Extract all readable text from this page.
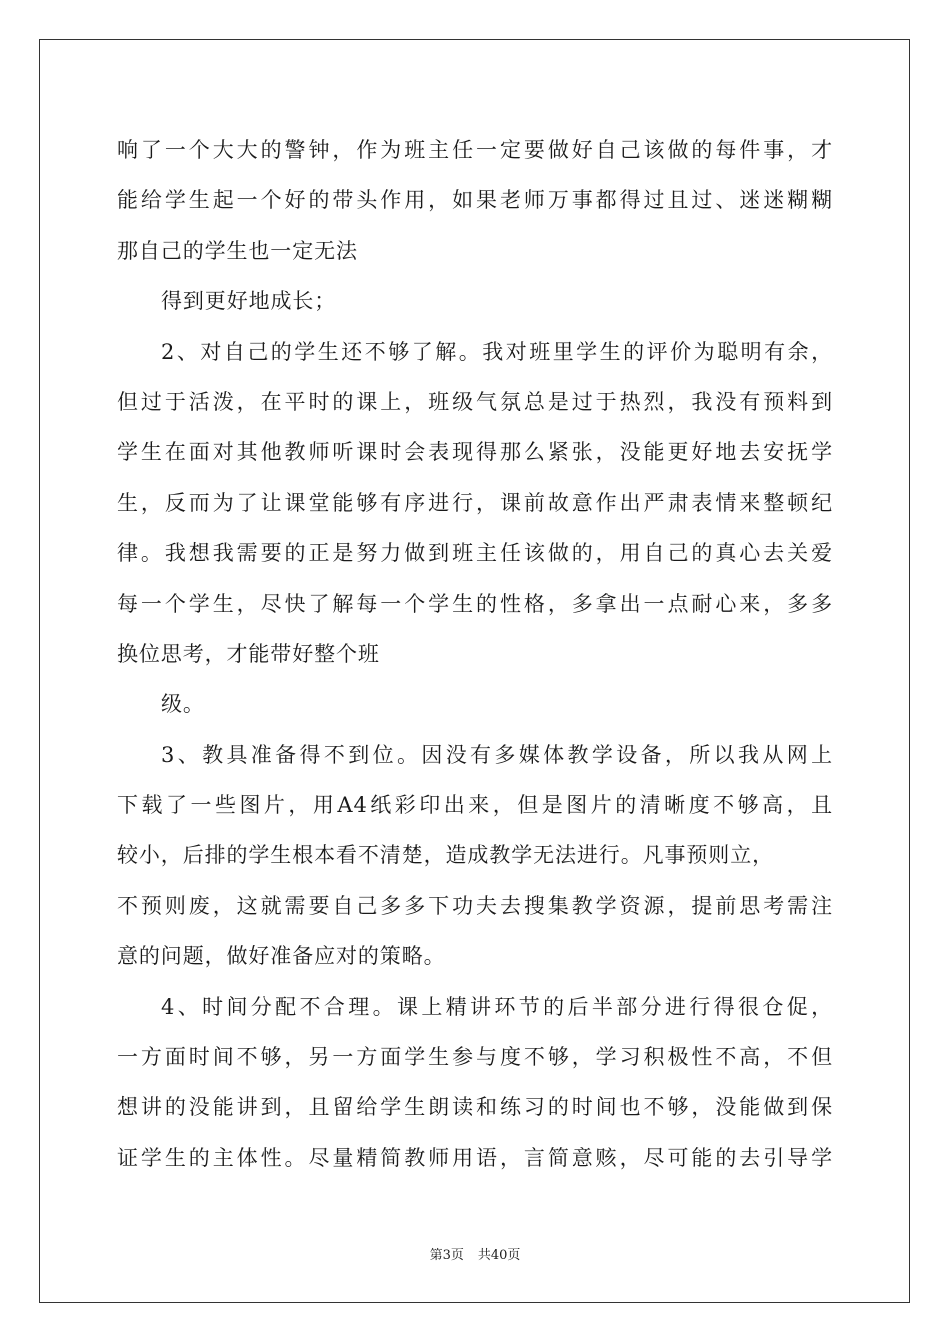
响了一个大大的警钟，作为班主任一定要做好自己该做的每件事，才
能给学生起一个好的带头作用，如果老师万事都得过且过、迷迷糊糊
那自己的学生也一定无法
得到更好地成长；
2、对自己的学生还不够了解。我对班里学生的评价为聪明有余，
但过于活泼，在平时的课上，班级气氛总是过于热烈，我没有预料到
学生在面对其他教师听课时会表现得那么紧张，没能更好地去安抚学
生，反而为了让课堂能够有序进行，课前故意作出严肃表情来整顿纪
律。我想我需要的正是努力做到班主任该做的，用自己的真心去关爱
每一个学生，尽快了解每一个学生的性格，多拿出一点耐心来，多多
换位思考，才能带好整个班
级。
3、教具准备得不到位。因没有多媒体教学设备，所以我从网上
下载了一些图片，用A4纸彩印出来，但是图片的清晰度不够高，且
较小，后排的学生根本看不清楚，造成教学无法进行。凡事预则立，
不预则废，这就需要自己多多下功夫去搜集教学资源，提前思考需注
意的问题，做好准备应对的策略。
4、时间分配不合理。课上精讲环节的后半部分进行得很仓促，
一方面时间不够，另一方面学生参与度不够，学习积极性不高，不但
想讲的没能讲到，且留给学生朗读和练习的时间也不够，没能做到保
证学生的主体性。尽量精简教师用语，言简意赅，尽可能的去引导学
第3页 共40页
